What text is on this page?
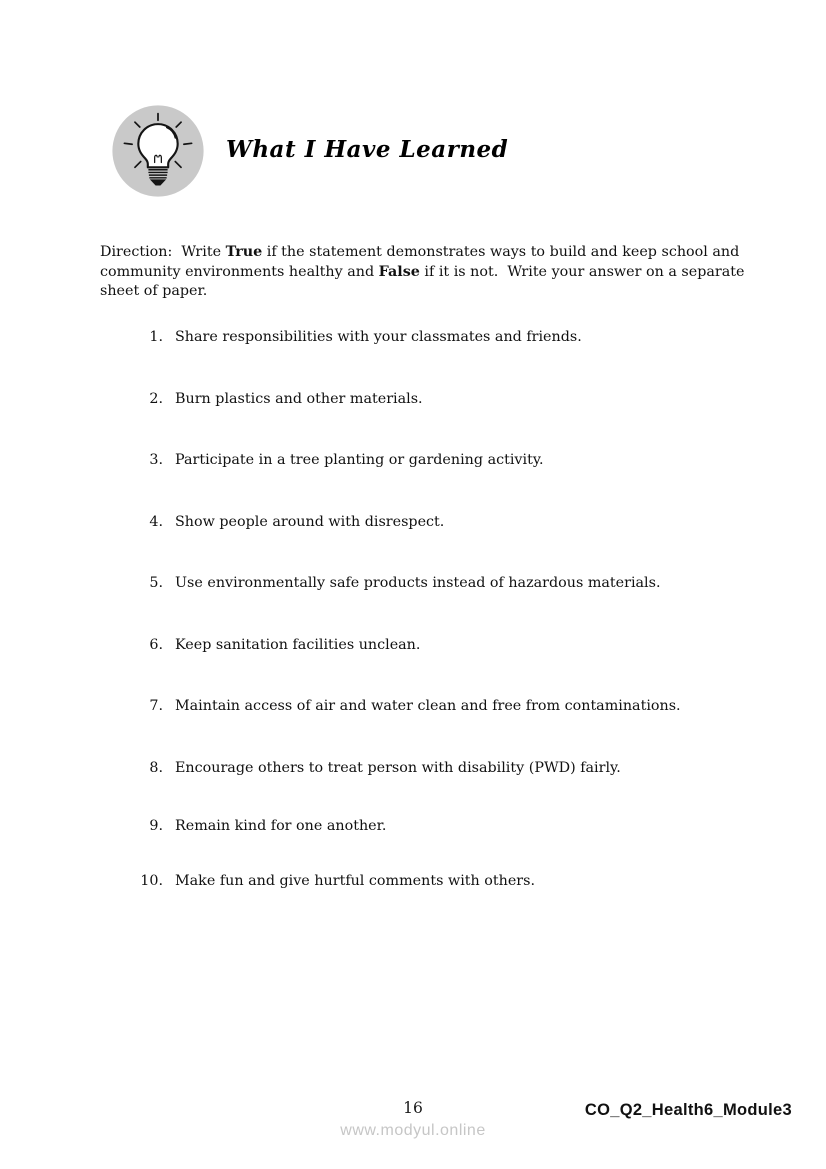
What I Have Learned

Direction:  Write True if the statement demonstrates ways to build and keep school and community environments healthy and False if it is not.  Write your answer on a separate sheet of paper.

1. Share responsibilities with your classmates and friends.
2. Burn plastics and other materials.
3. Participate in a tree planting or gardening activity.
4. Show people around with disrespect.
5. Use environmentally safe products instead of hazardous materials.
6. Keep sanitation facilities unclean.
7. Maintain access of air and water clean and free from contaminations.
8. Encourage others to treat person with disability (PWD) fairly.
9. Remain kind for one another.
10. Make fun and give hurtful comments with others.
16
www.modyul.online
CO_Q2_Health6_Module3
